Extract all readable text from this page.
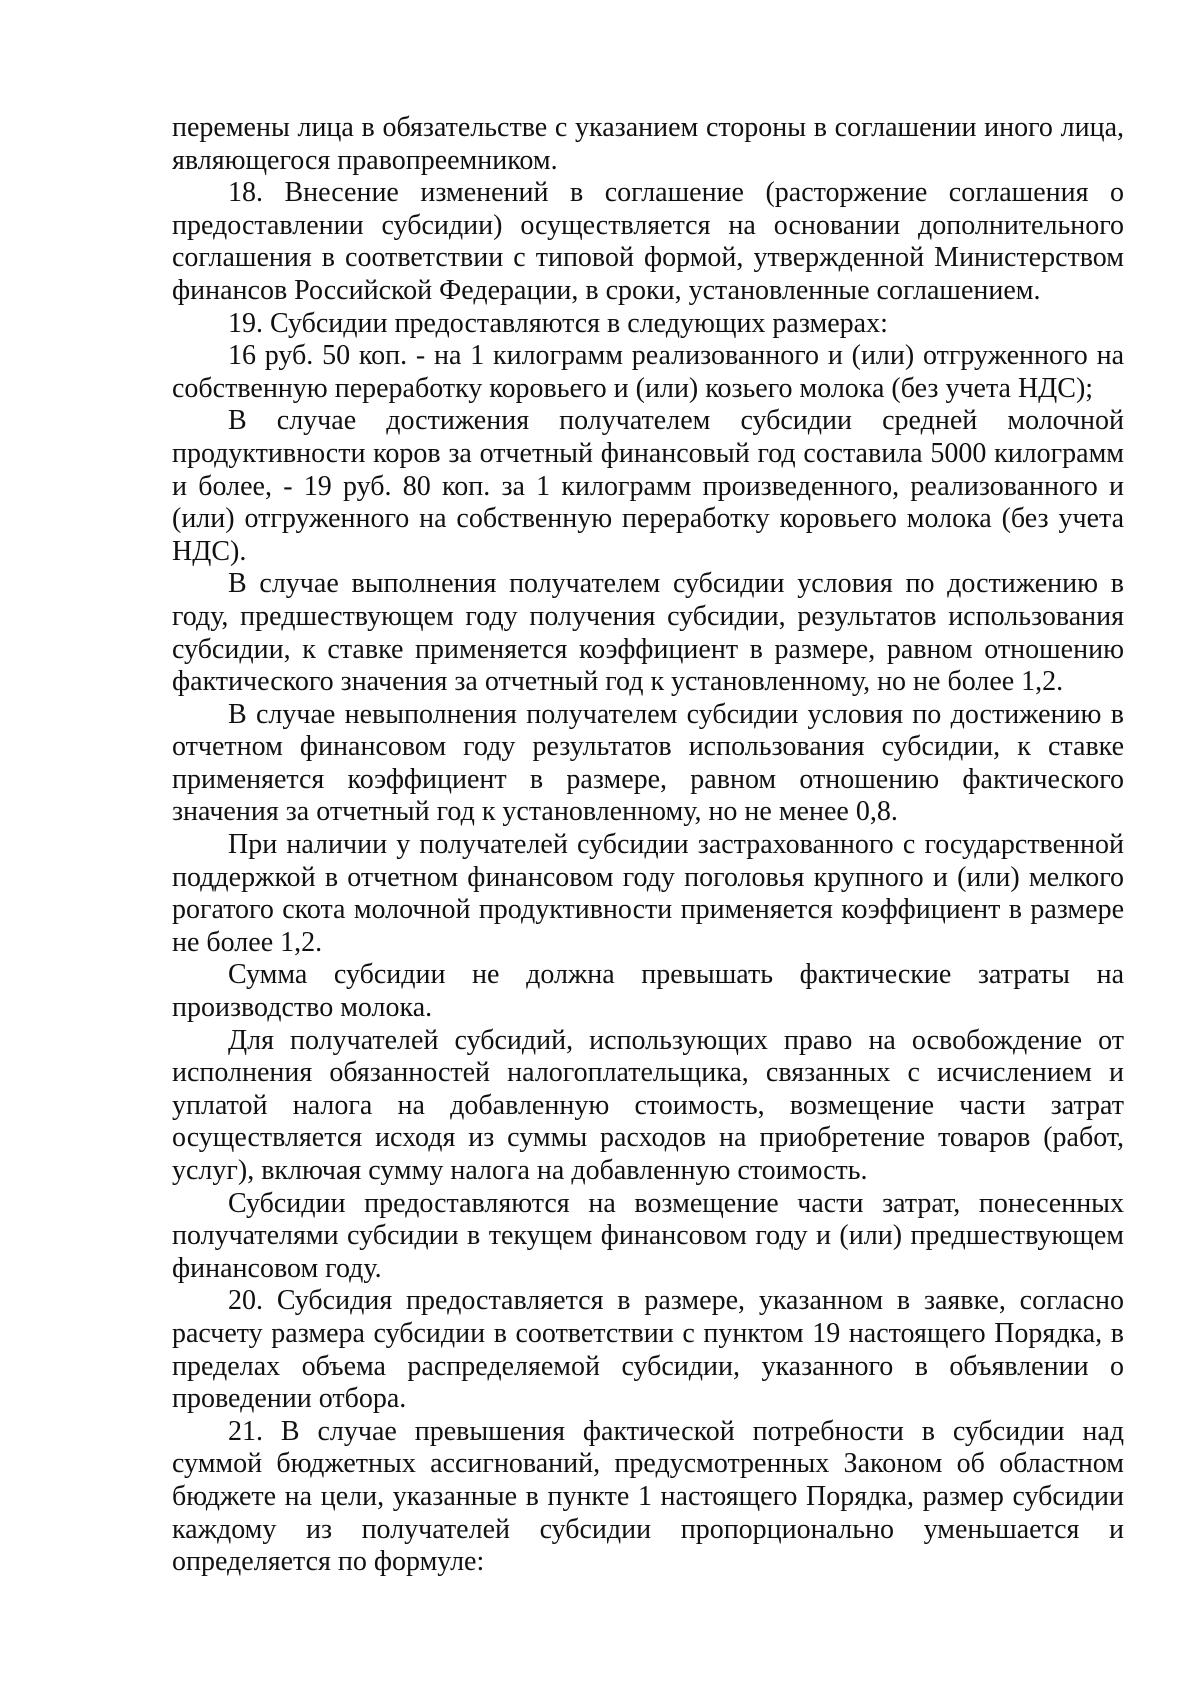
перемены лица в обязательстве с указанием стороны в соглашении иного лица, являющегося правопреемником.

18. Внесение изменений в соглашение (расторжение соглашения о предоставлении субсидии) осуществляется на основании дополнительного соглашения в соответствии с типовой формой, утвержденной Министерством финансов Российской Федерации, в сроки, установленные соглашением.

19. Субсидии предоставляются в следующих размерах:

16 руб. 50 коп. - на 1 килограмм реализованного и (или) отгруженного на собственную переработку коровьего и (или) козьего молока (без учета НДС);

В случае достижения получателем субсидии средней молочной продуктивности коров за отчетный финансовый год составила 5000 килограмм и более, - 19 руб. 80 коп. за 1 килограмм произведенного, реализованного и (или) отгруженного на собственную переработку коровьего молока (без учета НДС).

В случае выполнения получателем субсидии условия по достижению в году, предшествующем году получения субсидии, результатов использования субсидии, к ставке применяется коэффициент в размере, равном отношению фактического значения за отчетный год к установленному, но не более 1,2.

В случае невыполнения получателем субсидии условия по достижению в отчетном финансовом году результатов использования субсидии, к ставке применяется коэффициент в размере, равном отношению фактического значения за отчетный год к установленному, но не менее 0,8.

При наличии у получателей субсидии застрахованного с государственной поддержкой в отчетном финансовом году поголовья крупного и (или) мелкого рогатого скота молочной продуктивности применяется коэффициент в размере не более 1,2.

Сумма субсидии не должна превышать фактические затраты на производство молока.

Для получателей субсидий, использующих право на освобождение от исполнения обязанностей налогоплательщика, связанных с исчислением и уплатой налога на добавленную стоимость, возмещение части затрат осуществляется исходя из суммы расходов на приобретение товаров (работ, услуг), включая сумму налога на добавленную стоимость.

Субсидии предоставляются на возмещение части затрат, понесенных получателями субсидии в текущем финансовом году и (или) предшествующем финансовом году.

20. Субсидия предоставляется в размере, указанном в заявке, согласно расчету размера субсидии в соответствии с пунктом 19 настоящего Порядка, в пределах объема распределяемой субсидии, указанного в объявлении о проведении отбора.

21. В случае превышения фактической потребности в субсидии над суммой бюджетных ассигнований, предусмотренных Законом об областном бюджете на цели, указанные в пункте 1 настоящего Порядка, размер субсидии каждому из получателей субсидии пропорционально уменьшается и определяется по формуле:
